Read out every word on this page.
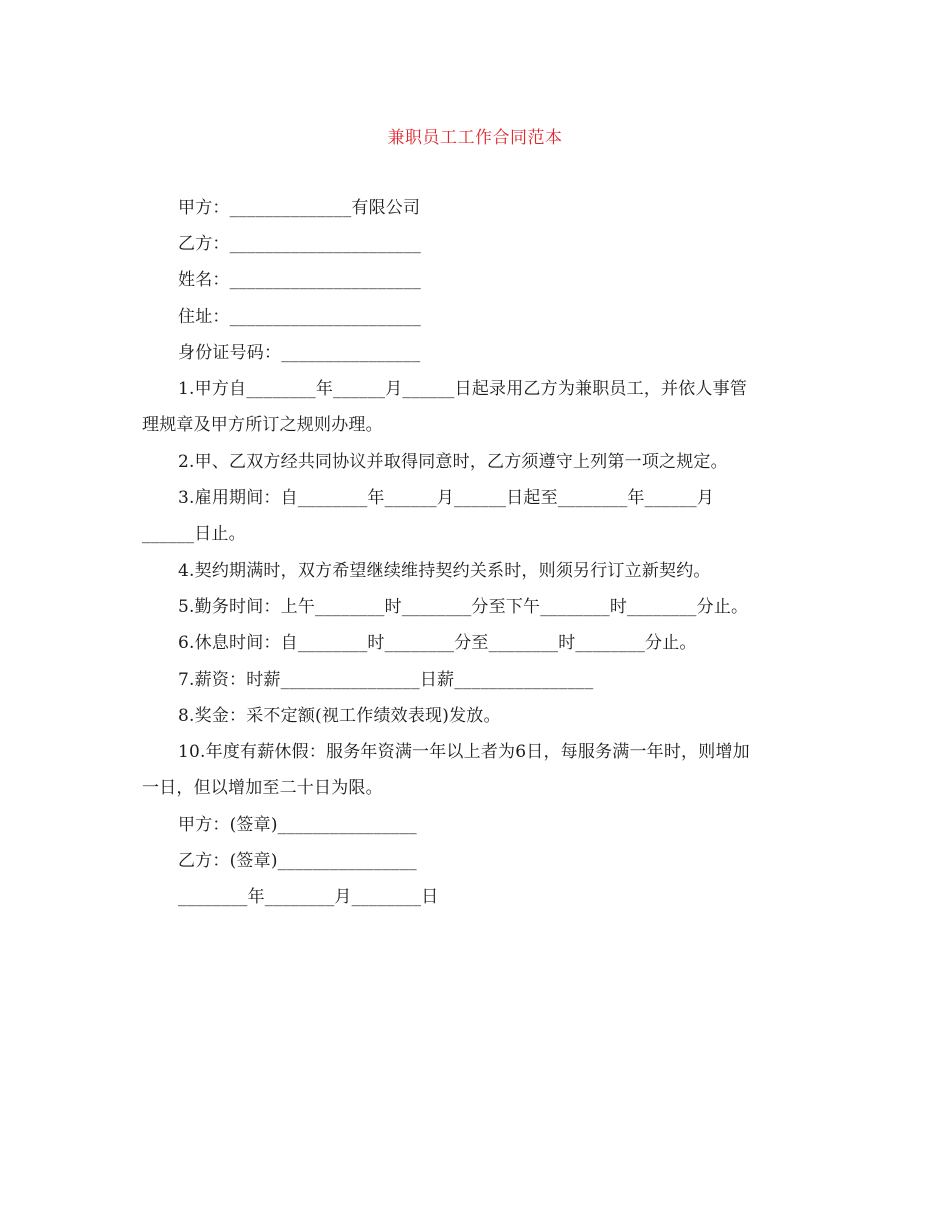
兼职员工工作合同范本
甲方：______________有限公司
乙方：______________________
姓名：______________________
住址：______________________
身份证号码：________________
1.甲方自________年______月______日起录用乙方为兼职员工，并依人事管
理规章及甲方所订之规则办理。
2.甲、乙双方经共同协议并取得同意时，乙方须遵守上列第一项之规定。
3.雇用期间：自________年______月______日起至________年______月
______日止。
4.契约期满时，双方希望继续维持契约关系时，则须另行订立新契约。
5.勤务时间：上午________时________分至下午________时________分止。
6.休息时间：自________时________分至________时________分止。
7.薪资：时薪________________日薪________________
8.奖金：采不定额(视工作绩效表现)发放。
10.年度有薪休假：服务年资满一年以上者为6日，每服务满一年时，则增加
一日，但以增加至二十日为限。
甲方：(签章)________________
乙方：(签章)________________
________年________月________日
